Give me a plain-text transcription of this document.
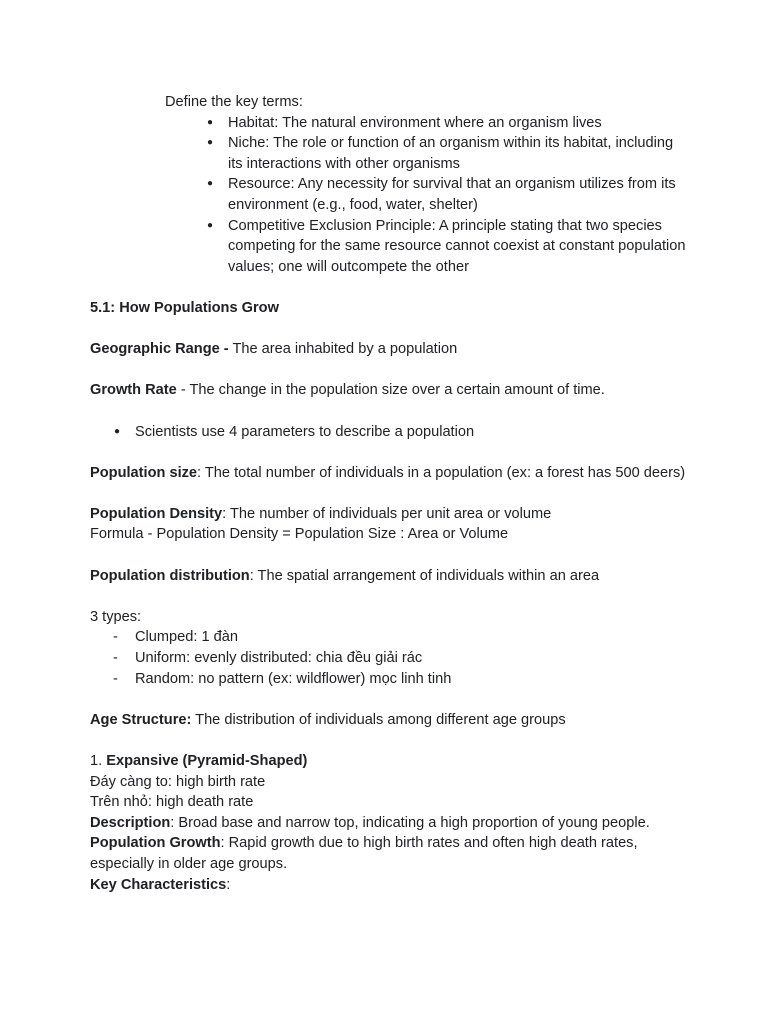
Define the key terms:

● Habitat: The natural environment where an organism lives
● Niche: The role or function of an organism within its habitat, including its interactions with other organisms
● Resource: Any necessity for survival that an organism utilizes from its environment (e.g., food, water, shelter)
● Competitive Exclusion Principle: A principle stating that two species competing for the same resource cannot coexist at constant population values; one will outcompete the other

5.1: How Populations Grow

Geographic Range - The area inhabited by a population

Growth Rate - The change in the population size over a certain amount of time.

● Scientists use 4 parameters to describe a population

Population size: The total number of individuals in a population (ex: a forest has 500 deers)

Population Density: The number of individuals per unit area or volume

Formula - Population Density = Population Size : Area or Volume

Population distribution: The spatial arrangement of individuals within an area

3 types:

- Clumped: 1 đàn
- Uniform: evenly distributed: chia đều giải rác
- Random: no pattern (ex: wildflower) mọc linh tinh

Age Structure: The distribution of individuals among different age groups

1. Expansive (Pyramid-Shaped)

Đáy càng to: high birth rate

Trên nhỏ: high death rate

Description: Broad base and narrow top, indicating a high proportion of young people.

Population Growth: Rapid growth due to high birth rates and often high death rates, especially in older age groups.

Key Characteristics:
